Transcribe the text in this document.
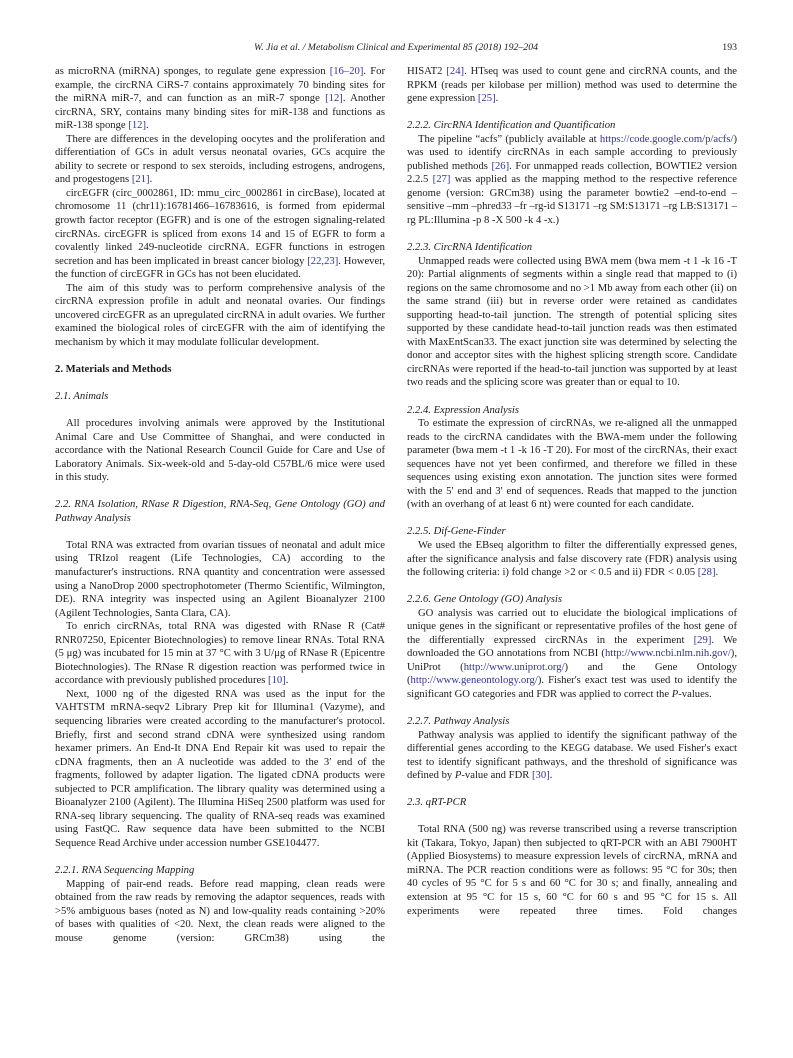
W. Jia et al. / Metabolism Clinical and Experimental 85 (2018) 192–204	193

as microRNA (miRNA) sponges, to regulate gene expression [16–20]. For example, the circRNA CiRS-7 contains approximately 70 binding sites for the miRNA miR-7, and can function as an miR-7 sponge [12]. Another circRNA, SRY, contains many binding sites for miR-138 and functions as miR-138 sponge [12].

There are differences in the developing oocytes and the proliferation and differentiation of GCs in adult versus neonatal ovaries, GCs acquire the ability to secrete or respond to sex steroids, including estrogens, androgens, and progestogens [21].

circEGFR (circ_0002861, ID: mmu_circ_0002861 in circBase), located at chromosome 11 (chr11):16781466–16783616, is formed from epidermal growth factor receptor (EGFR) and is one of the estrogen signaling-related circRNAs. circEGFR is spliced from exons 14 and 15 of EGFR to form a covalently linked 249-nucleotide circRNA. EGFR functions in estrogen secretion and has been implicated in breast cancer biology [22,23]. However, the function of circEGFR in GCs has not been elucidated.

The aim of this study was to perform comprehensive analysis of the circRNA expression profile in adult and neonatal ovaries. Our findings uncovered circEGFR as an upregulated circRNA in adult ovaries. We further examined the biological roles of circEGFR with the aim of identifying the mechanism by which it may modulate follicular development.

2. Materials and Methods
2.1. Animals

All procedures involving animals were approved by the Institutional Animal Care and Use Committee of Shanghai, and were conducted in accordance with the National Research Council Guide for Care and Use of Laboratory Animals. Six-week-old and 5-day-old C57BL/6 mice were used in this study.

2.2. RNA Isolation, RNase R Digestion, RNA-Seq, Gene Ontology (GO) and Pathway Analysis

Total RNA was extracted from ovarian tissues of neonatal and adult mice using TRIzol reagent (Life Technologies, CA) according to the manufacturer's instructions. RNA quantity and concentration were assessed using a NanoDrop 2000 spectrophotometer (Thermo Scientific, Wilmington, DE). RNA integrity was inspected using an Agilent Bioanalyzer 2100 (Agilent Technologies, Santa Clara, CA).

To enrich circRNAs, total RNA was digested with RNase R (Cat# RNR07250, Epicenter Biotechnologies) to remove linear RNAs. Total RNA (5 μg) was incubated for 15 min at 37 °C with 3 U/μg of RNase R (Epicentre Biotechnologies). The RNase R digestion reaction was performed twice in accordance with previously published procedures [10].

Next, 1000 ng of the digested RNA was used as the input for the VAHTSTM mRNA-seqv2 Library Prep kit for Illumina1 (Vazyme), and sequencing libraries were created according to the manufacturer's protocol. Briefly, first and second strand cDNA were synthesized using random hexamer primers. An End-It DNA End Repair kit was used to repair the cDNA fragments, then an A nucleotide was added to the 3′ end of the fragments, followed by adapter ligation. The ligated cDNA products were subjected to PCR amplification. The library quality was determined using a Bioanalyzer 2100 (Agilent). The Illumina HiSeq 2500 platform was used for RNA-seq library sequencing. The quality of RNA-seq reads was examined using FastQC. Raw sequence data have been submitted to the NCBI Sequence Read Archive under accession number GSE104477.

2.2.1. RNA Sequencing Mapping

Mapping of pair-end reads. Before read mapping, clean reads were obtained from the raw reads by removing the adaptor sequences, reads with >5% ambiguous bases (noted as N) and low-quality reads containing >20% of bases with qualities of <20. Next, the clean reads were aligned to the mouse genome (version: GRCm38) using the

HISAT2 [24]. HTseq was used to count gene and circRNA counts, and the RPKM (reads per kilobase per million) method was used to determine the gene expression [25].

2.2.2. CircRNA Identification and Quantification

The pipeline “acfs” (publicly available at https://code.google.com/p/acfs/) was used to identify circRNAs in each sample according to previously published methods [26]. For unmapped reads collection, BOWTIE2 version 2.2.5 [27] was applied as the mapping method to the respective reference genome (version: GRCm38) using the parameter bowtie2 –end-to-end –sensitive –mm –phred33 –fr –rg-id S13171 –rg SM:S13171 –rg LB:S13171 –rg PL:Illumina -p 8 -X 500 -k 4 -x.)

2.2.3. CircRNA Identification

Unmapped reads were collected using BWA mem (bwa mem -t 1 -k 16 -T 20): Partial alignments of segments within a single read that mapped to (i) regions on the same chromosome and no >1 Mb away from each other (ii) on the same strand (iii) but in reverse order were retained as candidates supporting head-to-tail junction. The strength of potential splicing sites supported by these candidate head-to-tail junction reads was then estimated with MaxEntScan33. The exact junction site was determined by selecting the donor and acceptor sites with the highest splicing strength score. Candidate circRNAs were reported if the head-to-tail junction was supported by at least two reads and the splicing score was greater than or equal to 10.

2.2.4. Expression Analysis

To estimate the expression of circRNAs, we re-aligned all the unmapped reads to the circRNA candidates with the BWA-mem under the following parameter (bwa mem -t 1 -k 16 -T 20). For most of the circRNAs, their exact sequences have not yet been confirmed, and therefore we filled in these sequences using existing exon annotation. The junction sites were formed with the 5′ end and 3′ end of sequences. Reads that mapped to the junction (with an overhang of at least 6 nt) were counted for each candidate.

2.2.5. Dif-Gene-Finder

We used the EBseq algorithm to filter the differentially expressed genes, after the significance analysis and false discovery rate (FDR) analysis using the following criteria: i) fold change >2 or < 0.5 and ii) FDR < 0.05 [28].

2.2.6. Gene Ontology (GO) Analysis

GO analysis was carried out to elucidate the biological implications of unique genes in the significant or representative profiles of the host gene of the differentially expressed circRNAs in the experiment [29]. We downloaded the GO annotations from NCBI (http://www.ncbi.nlm.nih.gov/), UniProt (http://www.uniprot.org/) and the Gene Ontology (http://www.geneontology.org/). Fisher's exact test was used to identify the significant GO categories and FDR was applied to correct the P-values.

2.2.7. Pathway Analysis

Pathway analysis was applied to identify the significant pathway of the differential genes according to the KEGG database. We used Fisher's exact test to identify significant pathways, and the threshold of significance was defined by P-value and FDR [30].

2.3. qRT-PCR

Total RNA (500 ng) was reverse transcribed using a reverse transcription kit (Takara, Tokyo, Japan) then subjected to qRT-PCR with an ABI 7900HT (Applied Biosystems) to measure expression levels of circRNA, mRNA and miRNA. The PCR reaction conditions were as follows: 95 °C for 30s; then 40 cycles of 95 °C for 5 s and 60 °C for 30 s; and finally, annealing and extension at 95 °C for 15 s, 60 °C for 60 s and 95 °C for 15 s. All experiments were repeated three times. Fold changes
